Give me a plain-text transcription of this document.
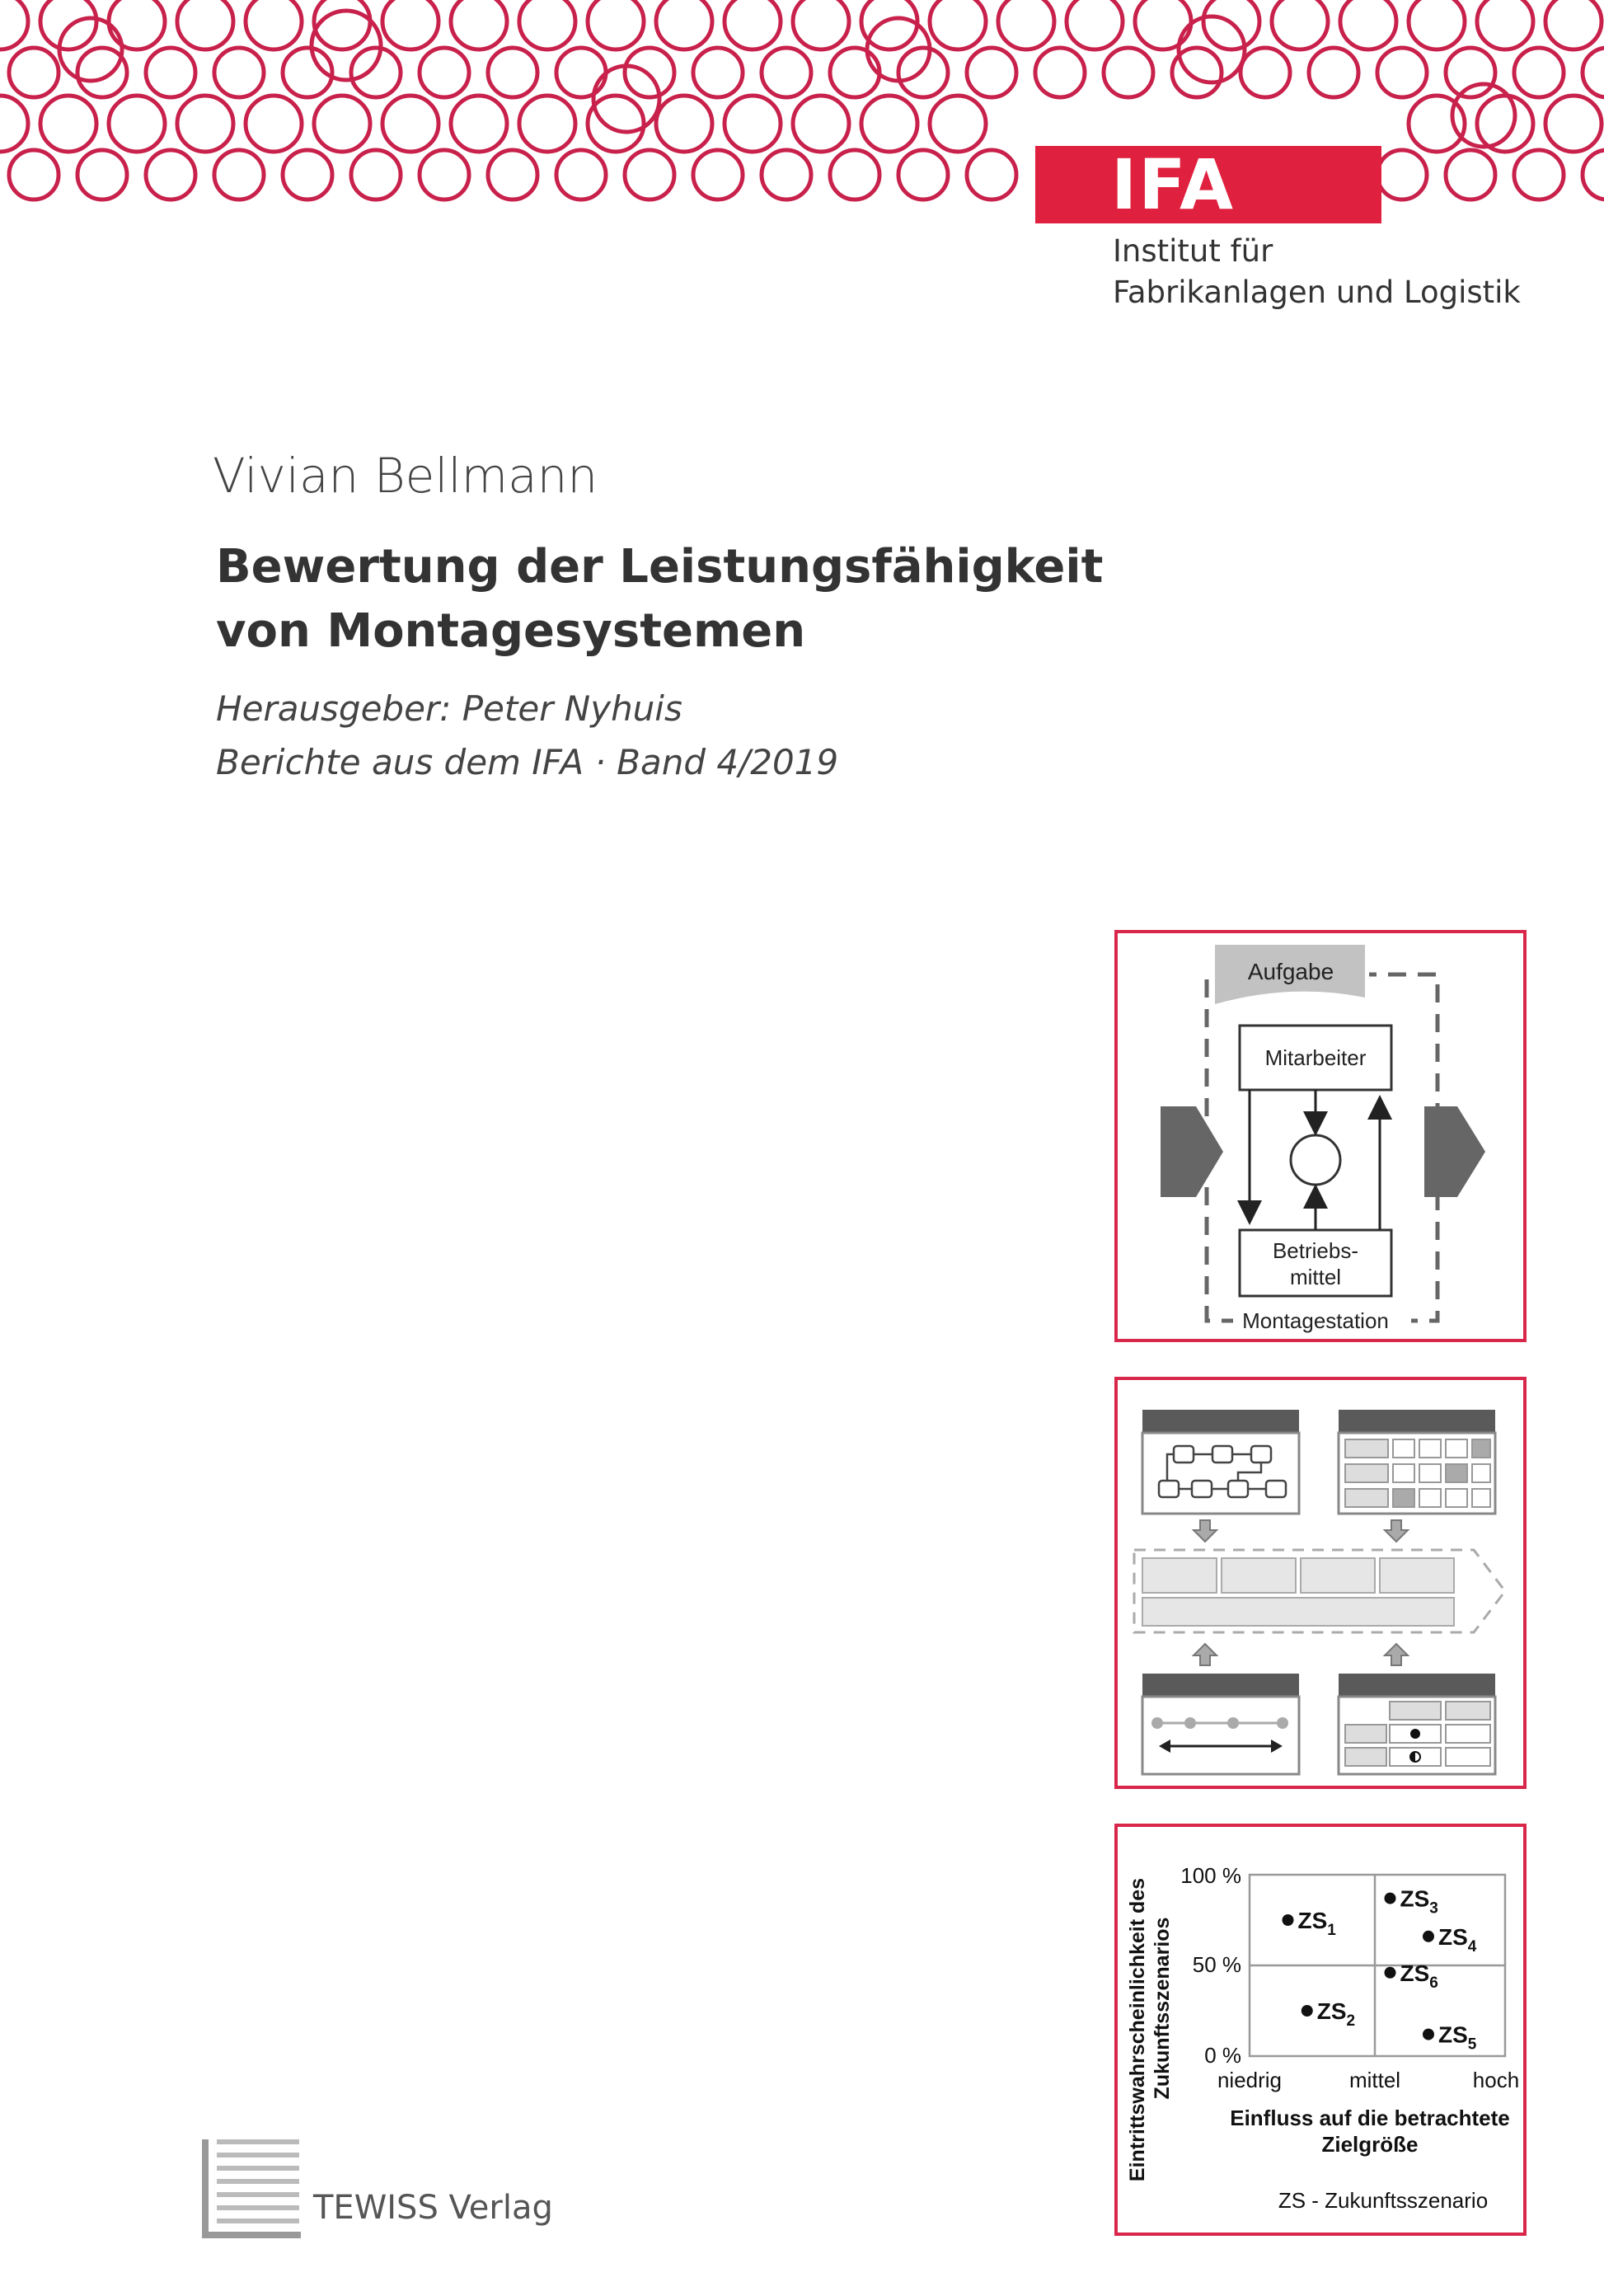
IFA
Institut für
Fabrikanlagen und Logistik
Vivian Bellmann
Bewertung der Leistungsfähigkeit
von Montagesystemen
Herausgeber: Peter Nyhuis
Berichte aus dem IFA · Band 4/2019
Aufgabe
Mitarbeiter
Betriebs-
mittel
Montagestation
Eintrittswahrscheinlichkeit des Zukunftsszenarios
100 %
50 %
0 %
niedrig	mittel	hoch
Einfluss auf die betrachtete
Zielgröße
ZS - Zukunftsszenario
$ZS_1$
$ZS_2$
$ZS_3$
$ZS_4$
$ZS_5$
$ZS_6$
TEWISS Verlag
